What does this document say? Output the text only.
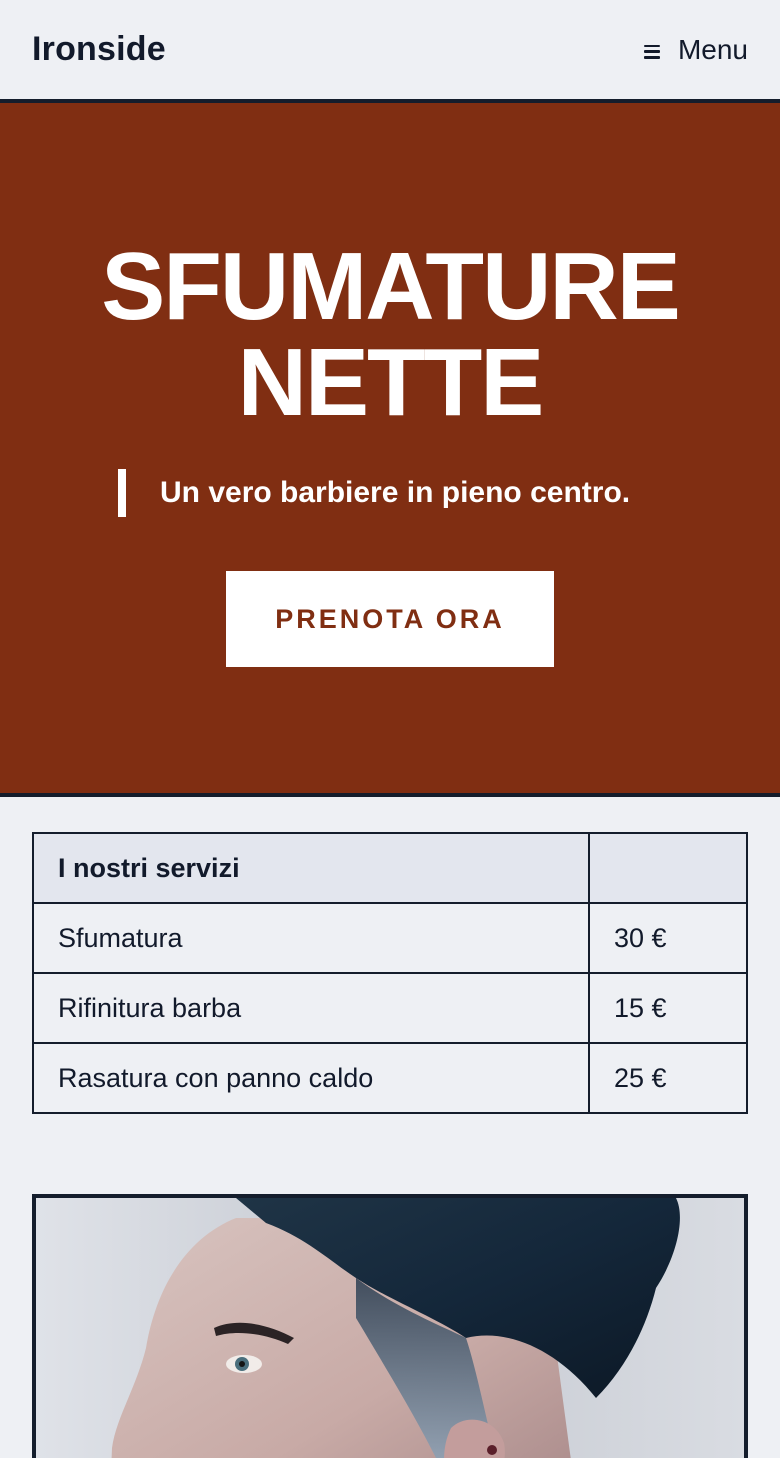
Ironside	Menu
SFUMATURE
NETTE
Un vero barbiere in pieno centro.
PRENOTA ORA
I nostri servizi	
Sfumatura	30 €
Rifinitura barba	15 €
Rasatura con panno caldo	25 €
